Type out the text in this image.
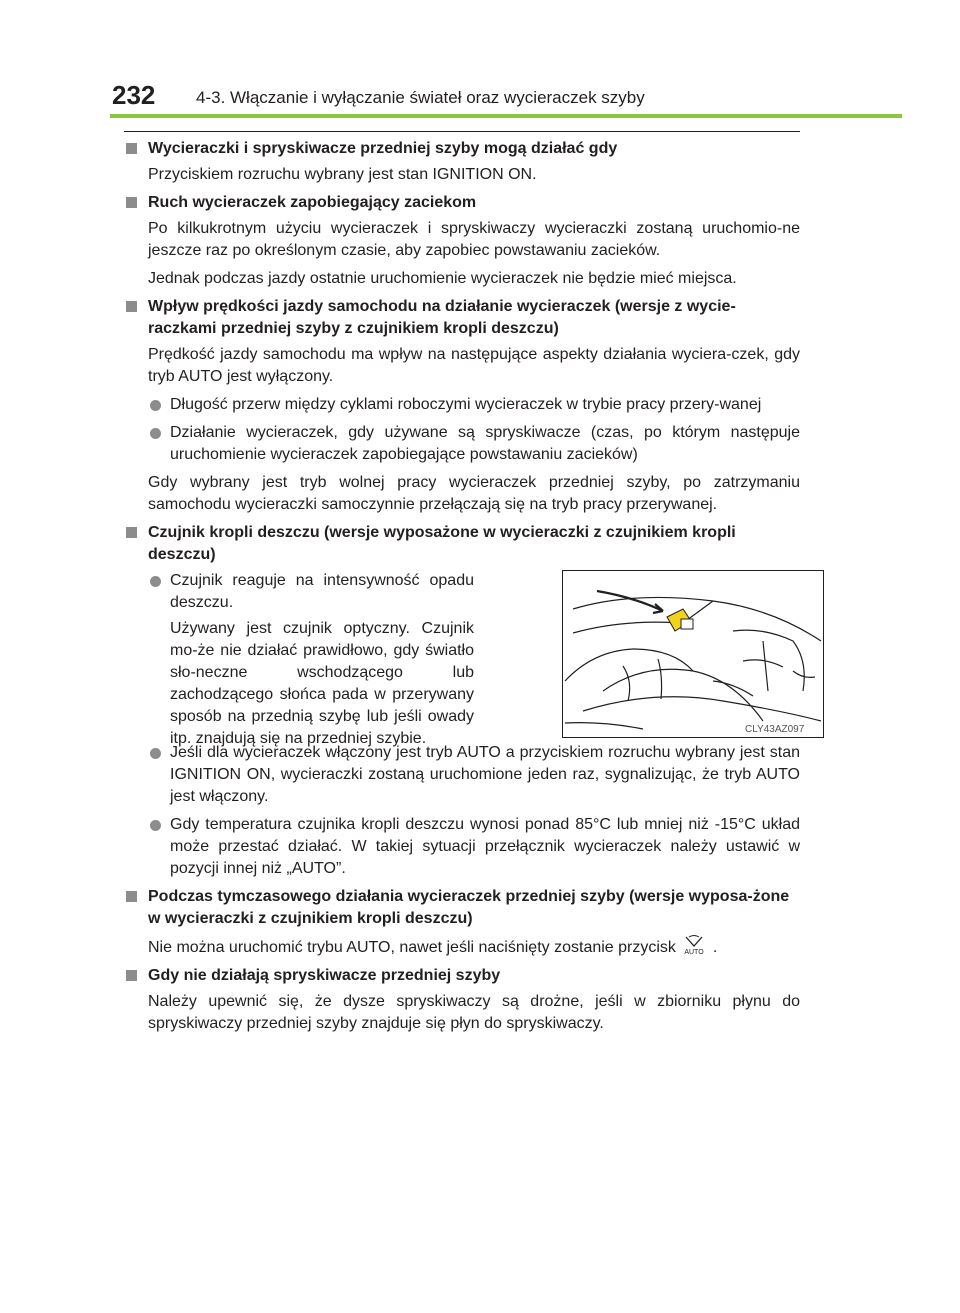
232 4-3. Włączanie i wyłączanie świateł oraz wycieraczek szyby
Wycieraczki i spryskiwacze przedniej szyby mogą działać gdy

Przyciskiem rozruchu wybrany jest stan IGNITION ON.

Ruch wycieraczek zapobiegający zaciekom

Po kilkukrotnym użyciu wycieraczek i spryskiwaczy wycieraczki zostaną uruchomio-ne jeszcze raz po określonym czasie, aby zapobiec powstawaniu zacieków.

Jednak podczas jazdy ostatnie uruchomienie wycieraczek nie będzie mieć miejsca.

Wpływ prędkości jazdy samochodu na działanie wycieraczek (wersje z wycie-raczkami przedniej szyby z czujnikiem kropli deszczu)

Prędkość jazdy samochodu ma wpływ na następujące aspekty działania wyciera-czek, gdy tryb AUTO jest wyłączony.

Długość przerw między cyklami roboczymi wycieraczek w trybie pracy przery-wanej
Działanie wycieraczek, gdy używane są spryskiwacze (czas, po którym następuje uruchomienie wycieraczek zapobiegające powstawaniu zacieków)

Gdy wybrany jest tryb wolnej pracy wycieraczek przedniej szyby, po zatrzymaniu samochodu wycieraczki samoczynnie przełączają się na tryb pracy przerywanej.

Czujnik kropli deszczu (wersje wyposażone w wycieraczki z czujnikiem kropli deszczu)
Czujnik reaguje na intensywność opadu deszczu.

Używany jest czujnik optyczny. Czujnik mo-że nie działać prawidłowo, gdy światło sło-neczne wschodzącego lub zachodzącego słońca pada w przerywany sposób na przednią szybę lub jeśli owady itp. znajdują się na przedniej szybie.

CLY43AZ097
Jeśli dla wycieraczek włączony jest tryb AUTO a przyciskiem rozruchu wybrany jest stan IGNITION ON, wycieraczki zostaną uruchomione jeden raz, sygnalizując, że tryb AUTO jest włączony.
Gdy temperatura czujnika kropli deszczu wynosi ponad 85°C lub mniej niż -15°C układ może przestać działać. W takiej sytuacji przełącznik wycieraczek należy ustawić w pozycji innej niż „AUTO”.
Podczas tymczasowego działania wycieraczek przedniej szyby (wersje wyposa-żone w wycieraczki z czujnikiem kropli deszczu)

Nie można uruchomić trybu AUTO, nawet jeśli naciśnięty zostanie przycisk AUTO .

Gdy nie działają spryskiwacze przedniej szyby

Należy upewnić się, że dysze spryskiwaczy są drożne, jeśli w zbiorniku płynu do spryskiwaczy przedniej szyby znajduje się płyn do spryskiwaczy.
